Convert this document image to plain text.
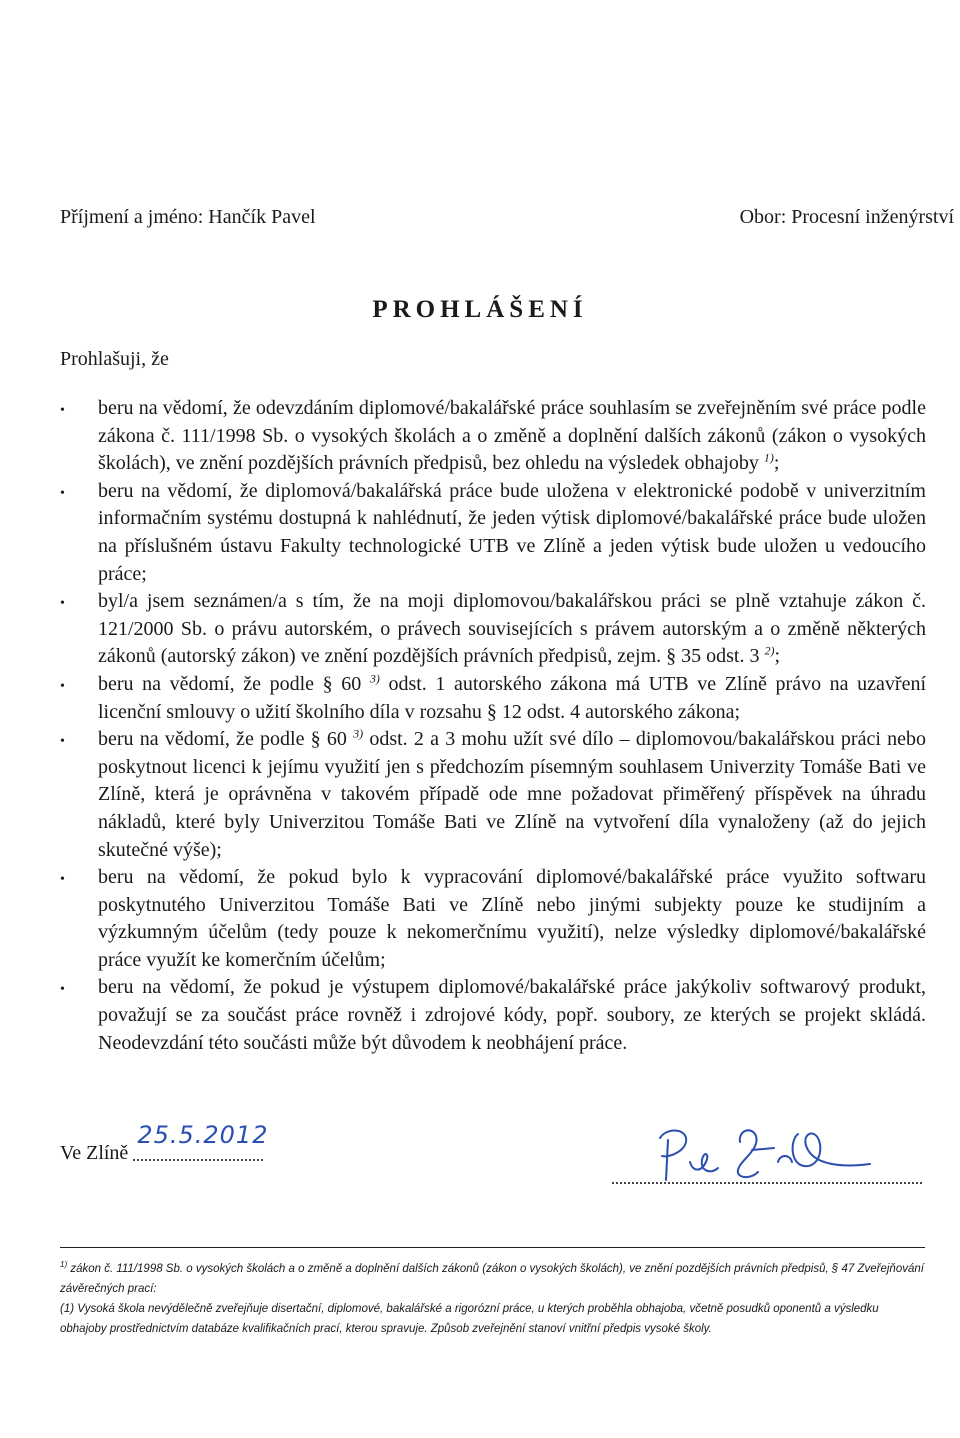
Příjmení a jméno: Hančík Pavel	Obor: Procesní inženýrství
PROHLÁŠENÍ
Prohlašuji, že
•
beru na vědomí, že odevzdáním diplomové/bakalářské práce souhlasím se zveřejněním své práce podle zákona č. 111/1998 Sb. o vysokých školách a o změně a doplnění dalších zákonů (zákon o vysokých školách), ve znění pozdějších právních předpisů, bez ohledu na výsledek obhajoby $^{1)}$;
•
beru na vědomí, že diplomová/bakalářská práce bude uložena v elektronické podobě v univerzitním informačním systému dostupná k nahlédnutí, že jeden výtisk diplomové/bakalářské práce bude uložen na příslušném ústavu Fakulty technologické UTB ve Zlíně a jeden výtisk bude uložen u vedoucího práce;
•
byl/a jsem seznámen/a s tím, že na moji diplomovou/bakalářskou práci se plně vztahuje zákon č. 121/2000 Sb. o právu autorském, o právech souvisejících s právem autorským a o změně některých zákonů (autorský zákon) ve znění pozdějších právních předpisů, zejm. § 35 odst. 3 $^{2)}$;
•
beru na vědomí, že podle § 60 $^{3)}$ odst. 1 autorského zákona má UTB ve Zlíně právo na uzavření licenční smlouvy o užití školního díla v rozsahu § 12 odst. 4 autorského zákona;
•
beru na vědomí, že podle § 60 $^{3)}$ odst. 2 a 3 mohu užít své dílo – diplomovou/bakalářskou práci nebo poskytnout licenci k jejímu využití jen s předchozím písemným souhlasem Univerzity Tomáše Bati ve Zlíně, která je oprávněna v takovém případě ode mne požadovat přiměřený příspěvek na úhradu nákladů, které byly Univerzitou Tomáše Bati ve Zlíně na vytvoření díla vynaloženy (až do jejich skutečné výše);
•
beru na vědomí, že pokud bylo k vypracování diplomové/bakalářské práce využito softwaru poskytnutého Univerzitou Tomáše Bati ve Zlíně nebo jinými subjekty pouze ke studijním a výzkumným účelům (tedy pouze k nekomerčnímu využití), nelze výsledky diplomové/bakalářské práce využít ke komerčním účelům;
•
beru na vědomí, že pokud je výstupem diplomové/bakalářské práce jakýkoliv softwarový produkt, považují se za součást práce rovněž i zdrojové kódy, popř. soubory, ze kterých se projekt skládá. Neodevzdání této součásti může být důvodem k neobhájení práce.
Ve Zlíně
25.5.2012

$^{1)}$ zákon č. 111/1998 Sb. o vysokých školách a o změně a doplnění dalších zákonů (zákon o vysokých školách), ve znění pozdějších právních předpisů, § 47 Zveřejňování závěrečných prací:

(1) Vysoká škola nevýdělečně zveřejňuje disertační, diplomové, bakalářské a rigorózní práce, u kterých proběhla obhajoba, včetně posudků oponentů a výsledku obhajoby prostřednictvím databáze kvalifikačních prací, kterou spravuje. Způsob zveřejnění stanoví vnitřní předpis vysoké školy.
